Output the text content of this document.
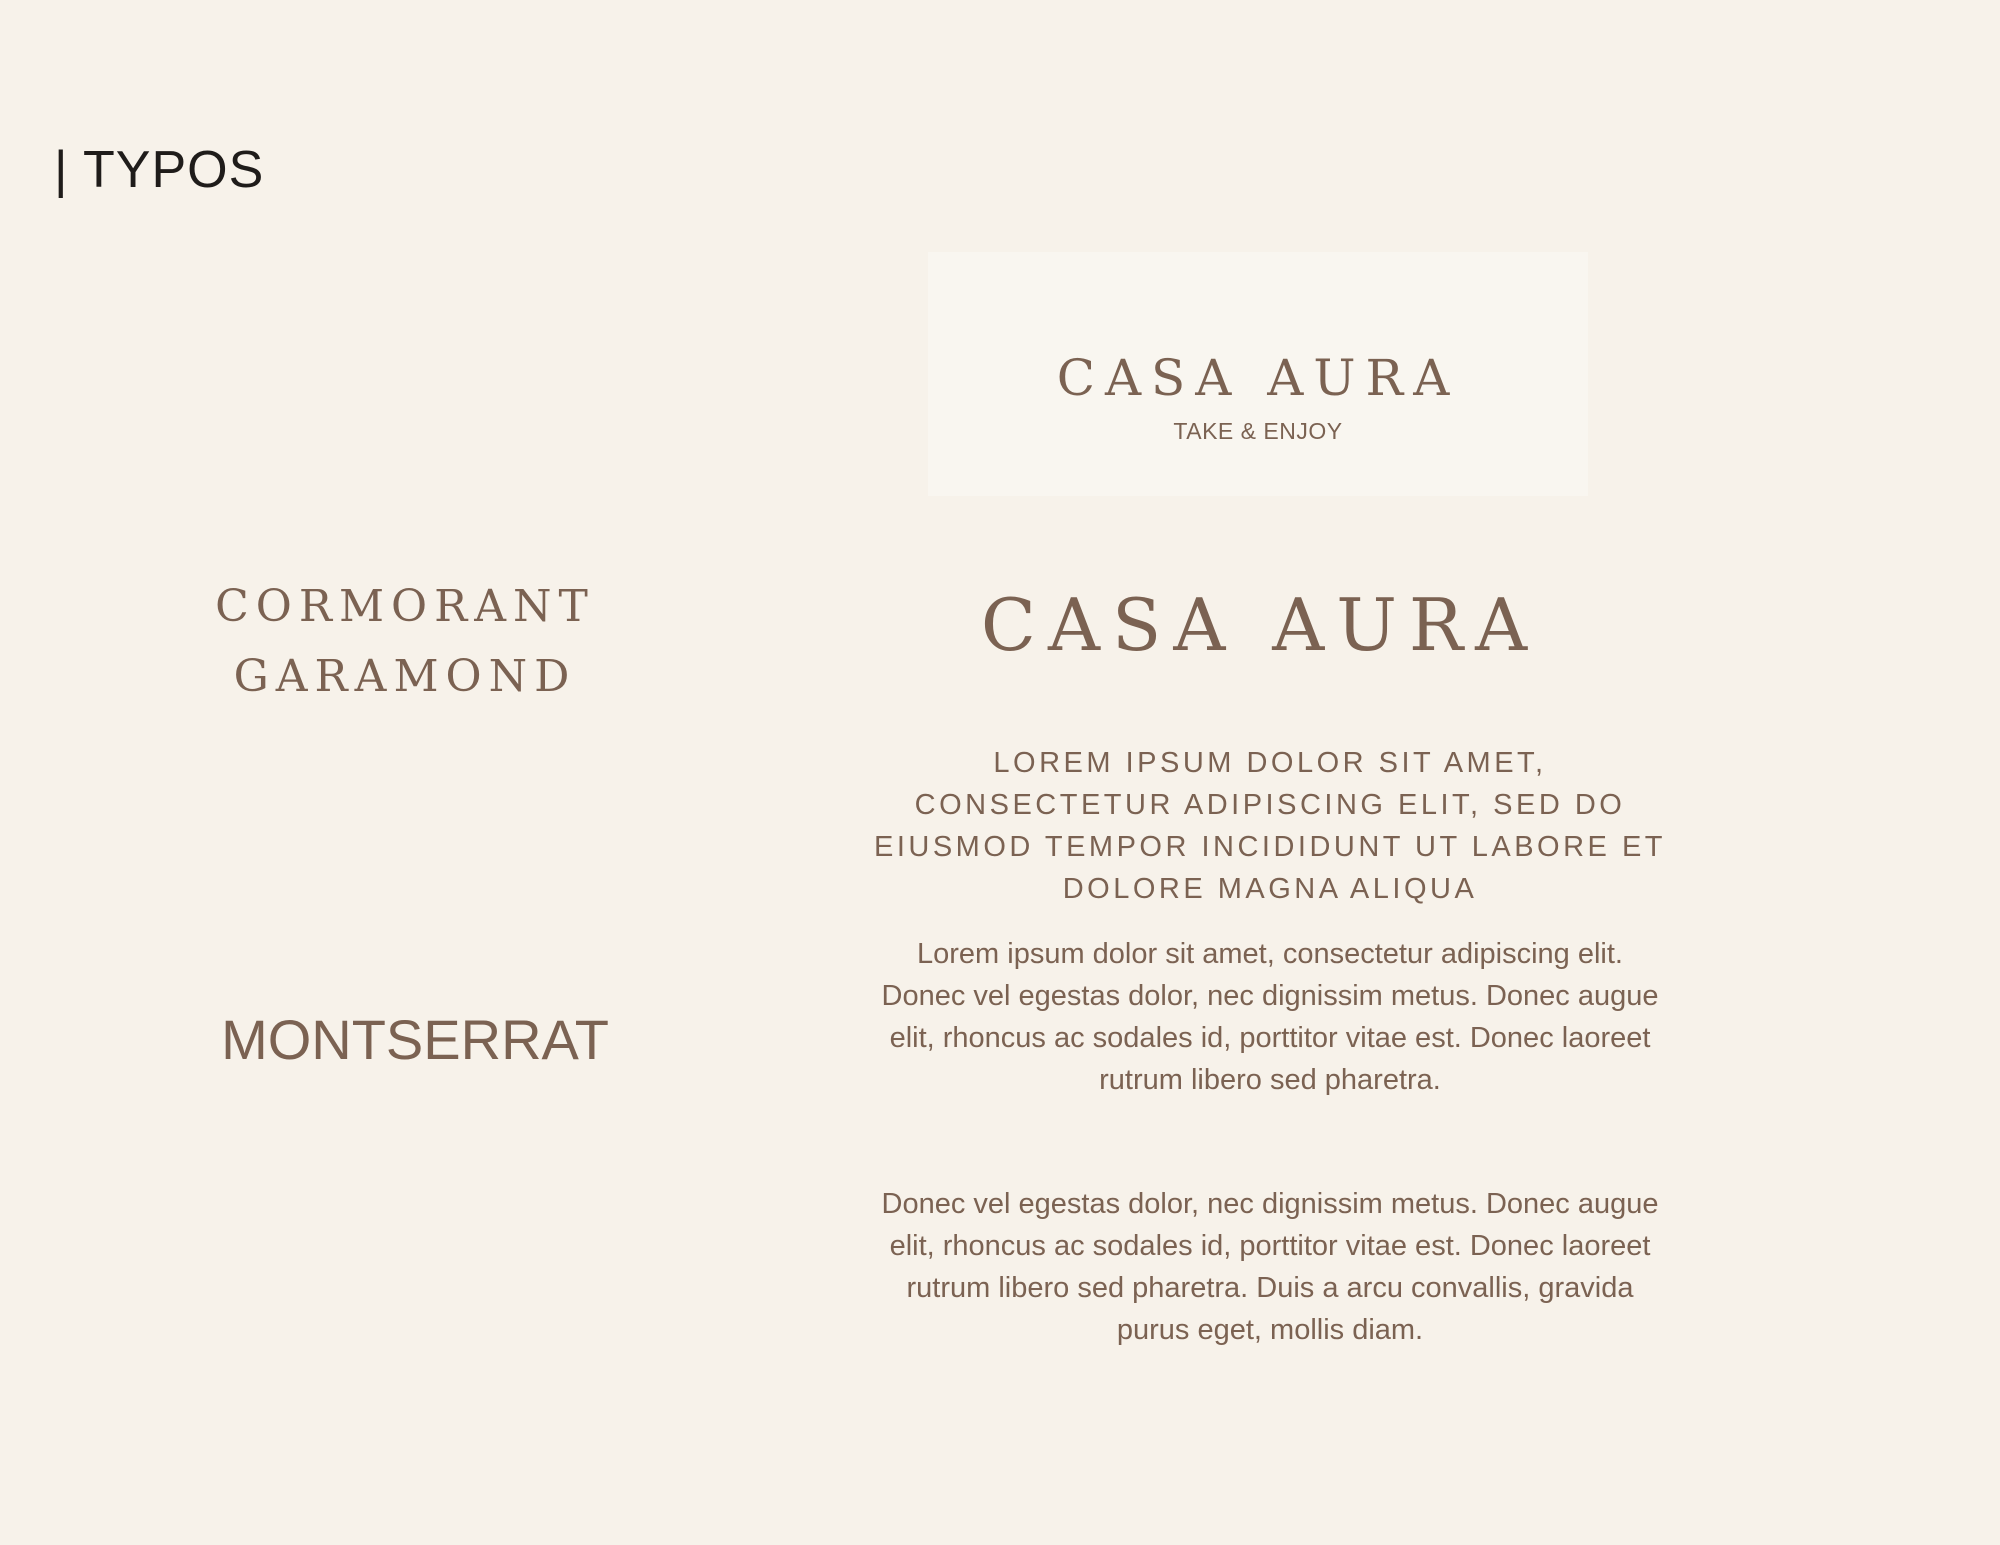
| TYPOS
CASA AURA
TAKE & ENJOY
CORMORANT GARAMOND
MONTSERRAT
CASA AURA
LOREM IPSUM DOLOR SIT AMET, CONSECTETUR ADIPISCING ELIT, SED DO EIUSMOD TEMPOR INCIDIDUNT UT LABORE ET DOLORE MAGNA ALIQUA
Lorem ipsum dolor sit amet, consectetur adipiscing elit. Donec vel egestas dolor, nec dignissim metus. Donec augue elit, rhoncus ac sodales id, porttitor vitae est. Donec laoreet rutrum libero sed pharetra.
Donec vel egestas dolor, nec dignissim metus. Donec augue elit, rhoncus ac sodales id, porttitor vitae est. Donec laoreet rutrum libero sed pharetra. Duis a arcu convallis, gravida purus eget, mollis diam.
